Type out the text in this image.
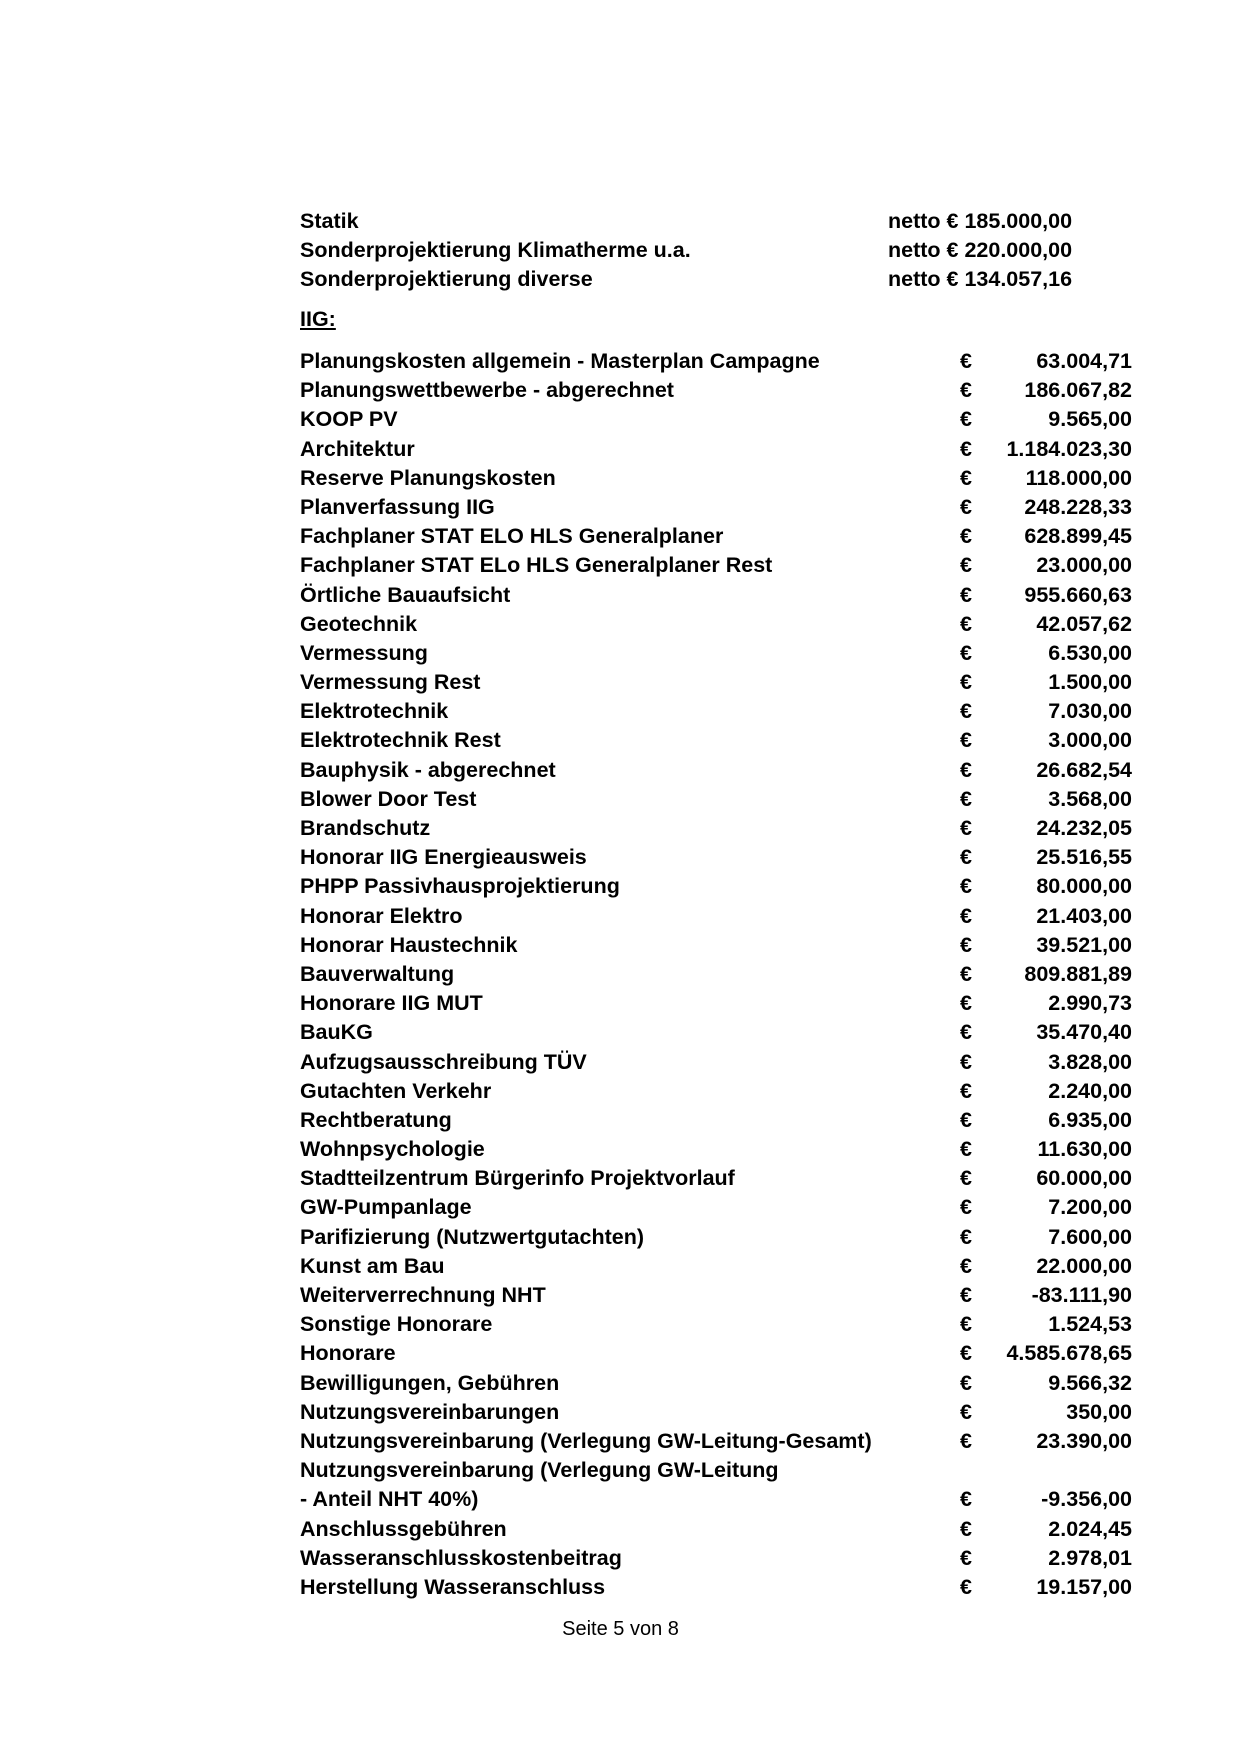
Statik	netto € 185.000,00
Sonderprojektierung Klimatherme u.a.	netto € 220.000,00
Sonderprojektierung diverse	netto € 134.057,16
IIG:
Planungskosten allgemein - Masterplan Campagne	€	63.004,71
Planungswettbewerbe - abgerechnet	€ 186.067,82
KOOP PV	€	9.565,00
Architektur	€ 1.184.023,30
Reserve Planungskosten	€ 118.000,00
Planverfassung IIG	€ 248.228,33
Fachplaner STAT ELO HLS Generalplaner	€ 628.899,45
Fachplaner STAT ELo HLS Generalplaner Rest	€	23.000,00
Örtliche Bauaufsicht	€ 955.660,63
Geotechnik	€	42.057,62
Vermessung	€	6.530,00
Vermessung Rest	€	1.500,00
Elektrotechnik	€	7.030,00
Elektrotechnik Rest	€	3.000,00
Bauphysik - abgerechnet	€	26.682,54
Blower Door Test	€	3.568,00
Brandschutz	€	24.232,05
Honorar IIG Energieausweis	€	25.516,55
PHPP Passivhausprojektierung	€	80.000,00
Honorar Elektro	€	21.403,00
Honorar Haustechnik	€	39.521,00
Bauverwaltung	€ 809.881,89
Honorare IIG MUT	€	2.990,73
BauKG	€	35.470,40
Aufzugsausschreibung TÜV	€	3.828,00
Gutachten Verkehr	€	2.240,00
Rechtberatung	€	6.935,00
Wohnpsychologie	€	11.630,00
Stadtteilzentrum Bürgerinfo Projektvorlauf	€	60.000,00
GW-Pumpanlage	€	7.200,00
Parifizierung (Nutzwertgutachten)	€	7.600,00
Kunst am Bau	€	22.000,00
Weiterverrechnung NHT	€	-83.111,90
Sonstige Honorare	€	1.524,53
Honorare	€ 4.585.678,65
Bewilligungen, Gebühren	€	9.566,32
Nutzungsvereinbarungen	€	350,00
Nutzungsvereinbarung (Verlegung GW-Leitung-Gesamt)	€	23.390,00
Nutzungsvereinbarung (Verlegung GW-Leitung
- Anteil NHT 40%)	€	-9.356,00
Anschlussgebühren	€	2.024,45
Wasseranschlusskostenbeitrag	€	2.978,01
Herstellung Wasseranschluss	€	19.157,00
Seite 5 von 8
